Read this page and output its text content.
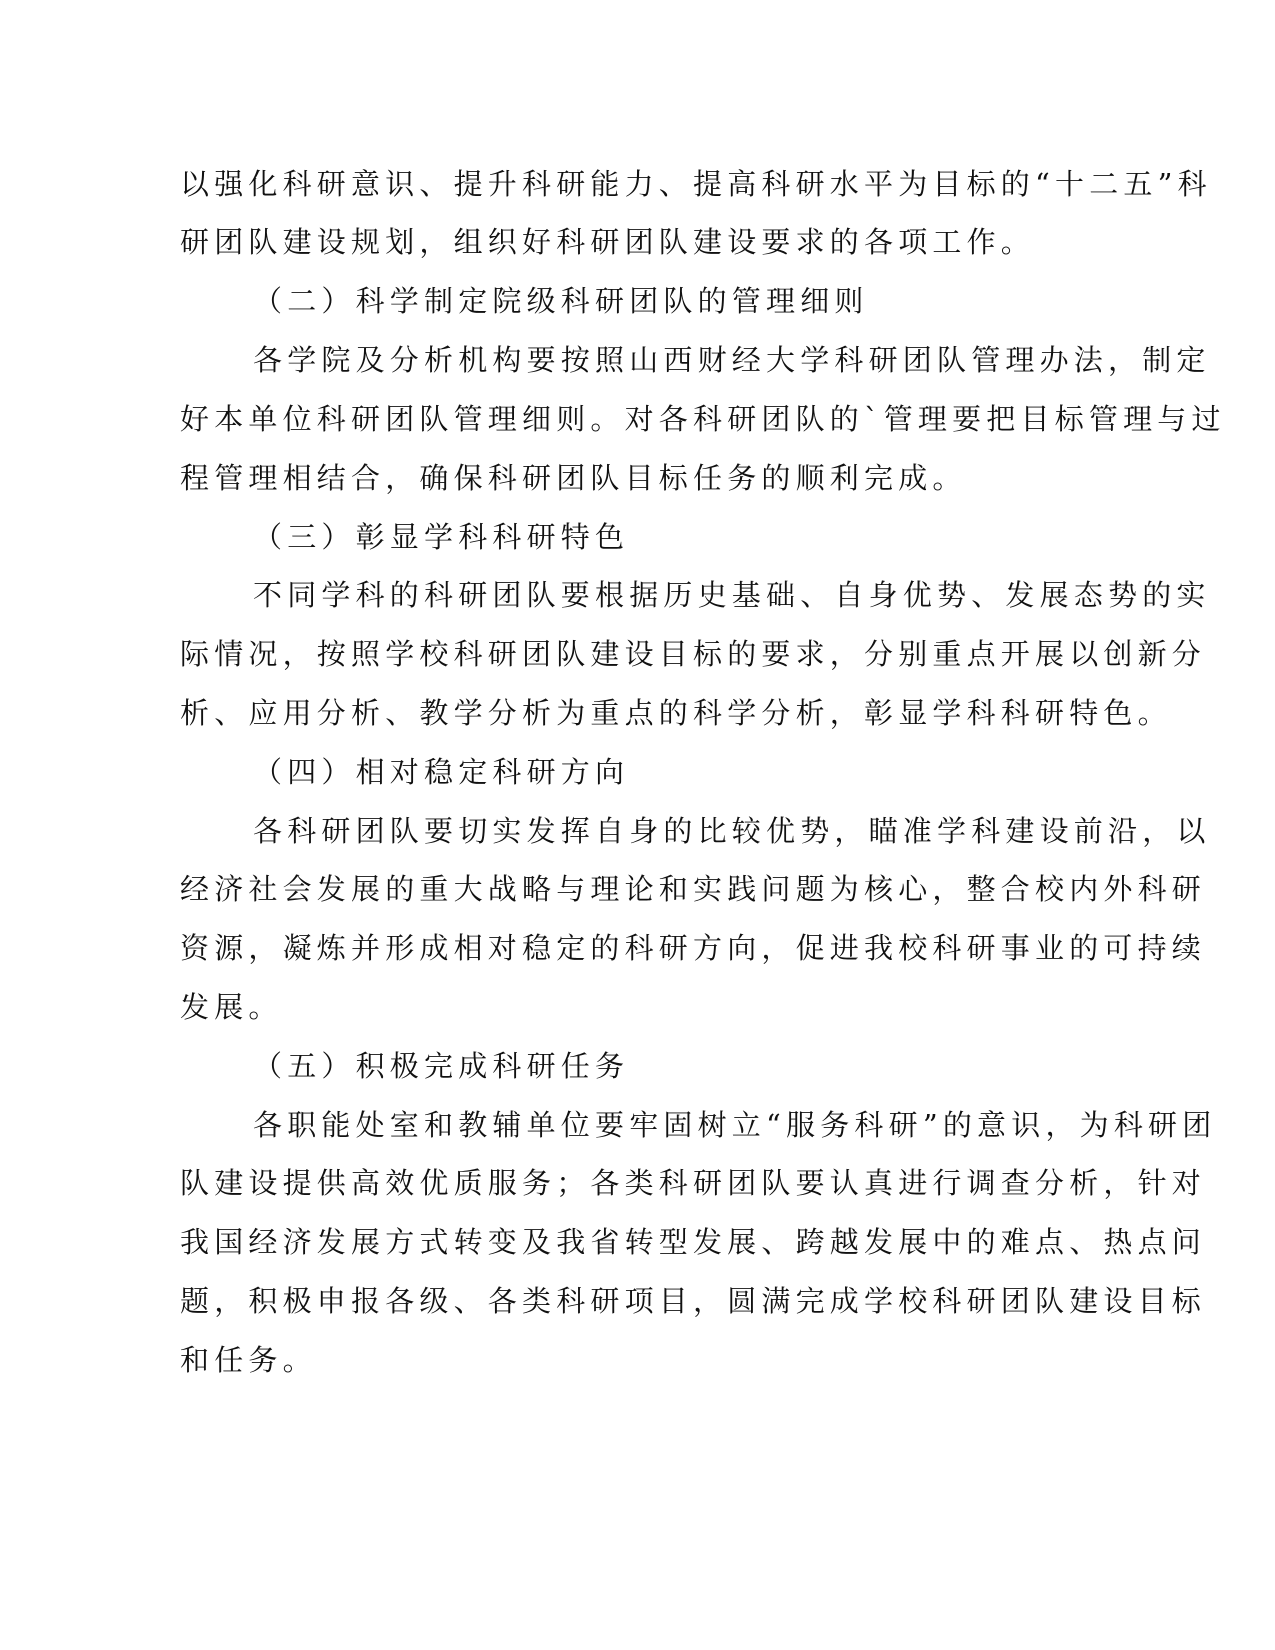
以强化科研意识、提升科研能力、提高科研水平为目标的“十二五”科
研团队建设规划，组织好科研团队建设要求的各项工作。
（二）科学制定院级科研团队的管理细则
各学院及分析机构要按照山西财经大学科研团队管理办法，制定
好本单位科研团队管理细则。对各科研团队的`管理要把目标管理与过
程管理相结合，确保科研团队目标任务的顺利完成。
（三）彰显学科科研特色
不同学科的科研团队要根据历史基础、自身优势、发展态势的实
际情况，按照学校科研团队建设目标的要求，分别重点开展以创新分
析、应用分析、教学分析为重点的科学分析，彰显学科科研特色。
（四）相对稳定科研方向
各科研团队要切实发挥自身的比较优势，瞄准学科建设前沿，以
经济社会发展的重大战略与理论和实践问题为核心，整合校内外科研
资源，凝炼并形成相对稳定的科研方向，促进我校科研事业的可持续
发展。
（五）积极完成科研任务
各职能处室和教辅单位要牢固树立“服务科研”的意识，为科研团
队建设提供高效优质服务；各类科研团队要认真进行调查分析，针对
我国经济发展方式转变及我省转型发展、跨越发展中的难点、热点问
题，积极申报各级、各类科研项目，圆满完成学校科研团队建设目标
和任务。
